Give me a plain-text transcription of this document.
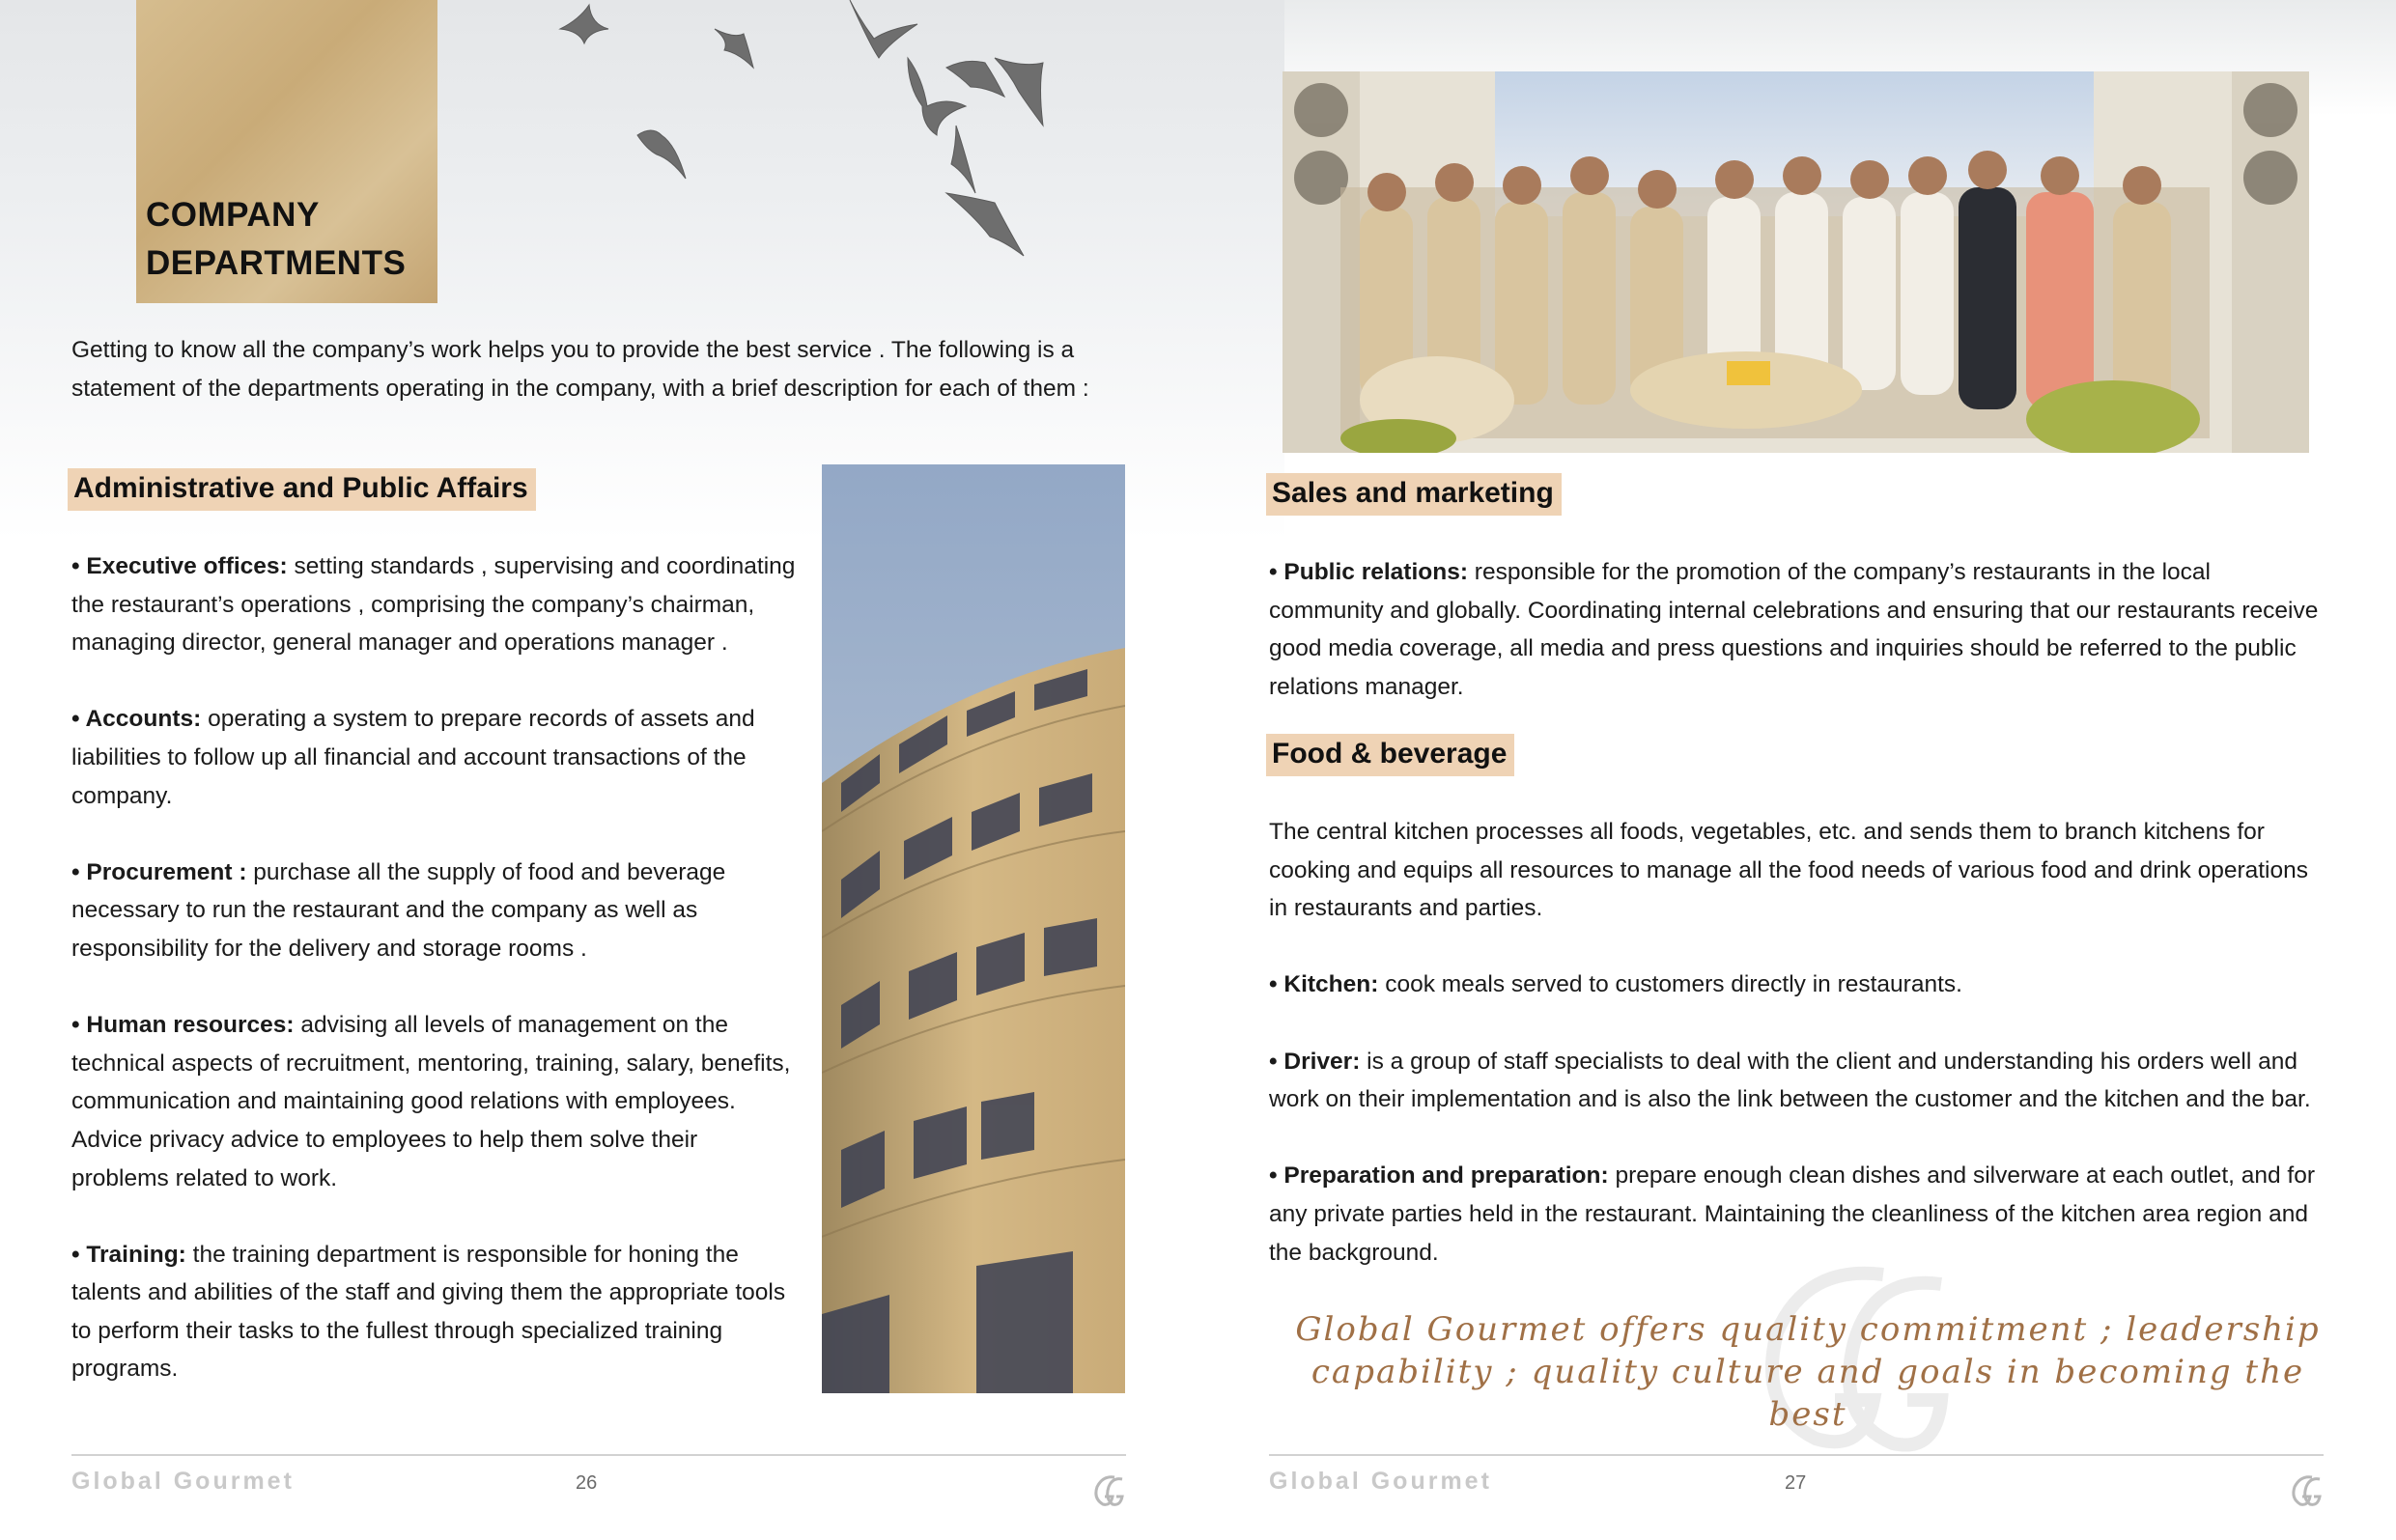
COMPANY
DEPARTMENTS
Getting to know all the company’s work helps you to provide the best service . The following is a statement of the departments operating in the company, with a brief description for each of them :
Administrative and Public Affairs

• Executive offices: setting standards , supervising and coordinating the restaurant’s operations , comprising the company’s chairman, managing director, general manager and operations manager .

• Accounts: operating a system to prepare records of assets and liabilities to follow up all financial and account transactions of the company.

• Procurement : purchase all the supply of food and beverage necessary to run the restaurant and the company as well as responsibility for the delivery and storage rooms .

• Human resources: advising all levels of management on the technical aspects of recruitment, mentoring, training, salary, benefits, communication and maintaining good relations with employees. Advice privacy advice to employees to help them solve their problems related to work.

• Training: the training department is responsible for honing the talents and abilities of the staff and giving them the appropriate tools to perform their tasks to the fullest through specialized training programs.

Global Gourmet	26
Sales and marketing

• Public relations: responsible for the promotion of the company’s restaurants in the local community and globally. Coordinating internal celebrations and ensuring that our restaurants receive good media coverage, all media and press questions and inquiries should be referred to the public relations manager.

Food & beverage

The central kitchen processes all foods, vegetables, etc. and sends them to branch kitchens for cooking and equips all resources to manage all the food needs of various food and drink operations in restaurants and parties.

• Kitchen: cook meals served to customers directly in restaurants.

• Driver: is a group of staff specialists to deal with the client and understanding his orders well and work on their implementation and is also the link between the customer and the kitchen and the bar.

• Preparation and preparation: prepare enough clean dishes and silverware at each outlet, and for any private parties held in the restaurant. Maintaining the cleanliness of the kitchen area region and the background.

Global Gourmet offers quality commitment ; leadership
capability ; quality culture and goals in becoming the best
Global Gourmet	27
